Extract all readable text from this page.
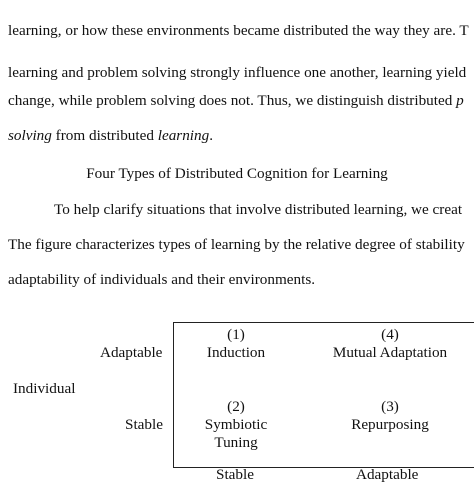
learning, or how these environments became distributed the way they are. T
learning and problem solving strongly influence one another, learning yield
change, while problem solving does not. Thus, we distinguish distributed p
solving from distributed learning.
Four Types of Distributed Cognition for Learning
To help clarify situations that involve distributed learning, we creat
The figure characterizes types of learning by the relative degree of stability
adaptability of individuals and their environments.
Adaptable
Individual
Stable
(1)
Induction
(4)
Mutual Adaptation
(2)
Symbiotic
Tuning
(3)
Repurposing
Stable	Adaptable
